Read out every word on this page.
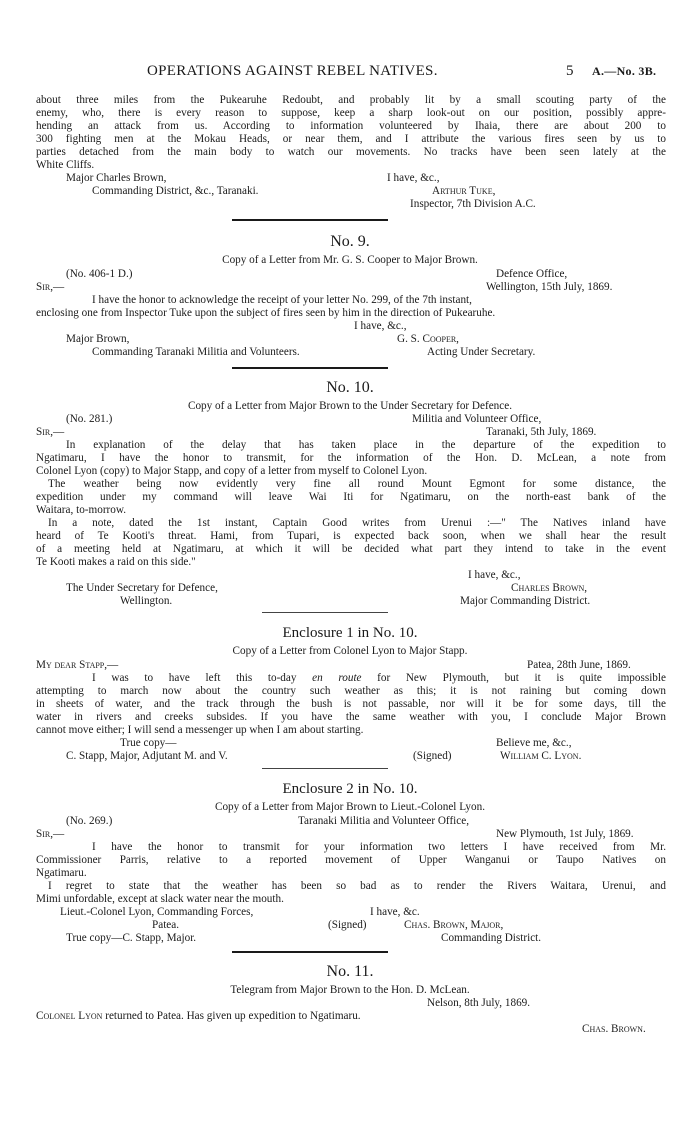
OPERATIONS AGAINST REBEL NATIVES.	5 A.—No. 3B.

about three miles from the Pukearuhe Redoubt, and probably lit by a small scouting party of the

enemy, who, there is every reason to suppose, keep a sharp look-out on our position, possibly appre-

hending an attack from us. According to information volunteered by Ihaia, there are about 200 to

300 fighting men at the Mokau Heads, or near them, and I attribute the various fires seen by us to

parties detached from the main body to watch our movements. No tracks have been seen lately at the

White Cliffs.

Major Charles Brown,

Commanding District, &c., Taranaki.

I have, &c.,

Arthur Tuke,

Inspector, 7th Division A.C.

No. 9.
Copy of a Letter from Mr. G. S. Cooper to Major Brown.

(No. 406-1 D.)	Defence Office,

Sir,—	Wellington, 15th July, 1869.

I have the honor to acknowledge the receipt of your letter No. 299, of the 7th instant,

enclosing one from Inspector Tuke upon the subject of fires seen by him in the direction of Pukearuhe.

I have, &c.,

Major Brown,

Commanding Taranaki Militia and Volunteers.

G. S. Cooper,

Acting Under Secretary.

No. 10.
Copy of a Letter from Major Brown to the Under Secretary for Defence.

(No. 281.)	Militia and Volunteer Office,

Sir,—	Taranaki, 5th July, 1869.

In explanation of the delay that has taken place in the departure of the expedition to

Ngatimaru, I have the honor to transmit, for the information of the Hon. D. McLean, a note from

Colonel Lyon (copy) to Major Stapp, and copy of a letter from myself to Colonel Lyon.

The weather being now evidently very fine all round Mount Egmont for some distance, the

expedition under my command will leave Wai Iti for Ngatimaru, on the north-east bank of the

Waitara, to-morrow.

In a note, dated the 1st instant, Captain Good writes from Urenui :—" The Natives inland have

heard of Te Kooti's threat. Hami, from Tupari, is expected back soon, when we shall hear the result

of a meeting held at Ngatimaru, at which it will be decided what part they intend to take in the event

Te Kooti makes a raid on this side."

I have, &c.,

The Under Secretary for Defence,

Wellington.

Charles Brown,

Major Commanding District.

Enclosure 1 in No. 10.
Copy of a Letter from Colonel Lyon to Major Stapp.

My dear Stapp,—	Patea, 28th June, 1869.

I was to have left this to-day en route for New Plymouth, but it is quite impossible

attempting to march now about the country such weather as this; it is not raining but coming down

in sheets of water, and the track through the bush is not passable, nor will it be for some days, till the

water in rivers and creeks subsides. If you have the same weather with you, I conclude Major Brown

cannot move either; I will send a messenger up when I am about starting.

True copy—	Believe me, &c.,

C. Stapp, Major, Adjutant M. and V.	(Signed)	William C. Lyon.

Enclosure 2 in No. 10.
Copy of a Letter from Major Brown to Lieut.-Colonel Lyon.

(No. 269.)	Taranaki Militia and Volunteer Office,

Sir,—	New Plymouth, 1st July, 1869.

I have the honor to transmit for your information two letters I have received from Mr.

Commissioner Parris, relative to a reported movement of Upper Wanganui or Taupo Natives on

Ngatimaru.

I regret to state that the weather has been so bad as to render the Rivers Waitara, Urenui, and

Mimi unfordable, except at slack water near the mouth.

Lieut.-Colonel Lyon, Commanding Forces,

Patea.

I have, &c.

(Signed)	Chas. Brown, Major,

True copy—C. Stapp, Major.	Commanding District.

No. 11.
Telegram from Major Brown to the Hon. D. McLean.

Nelson, 8th July, 1869.

Colonel Lyon returned to Patea. Has given up expedition to Ngatimaru.

Chas. Brown.
